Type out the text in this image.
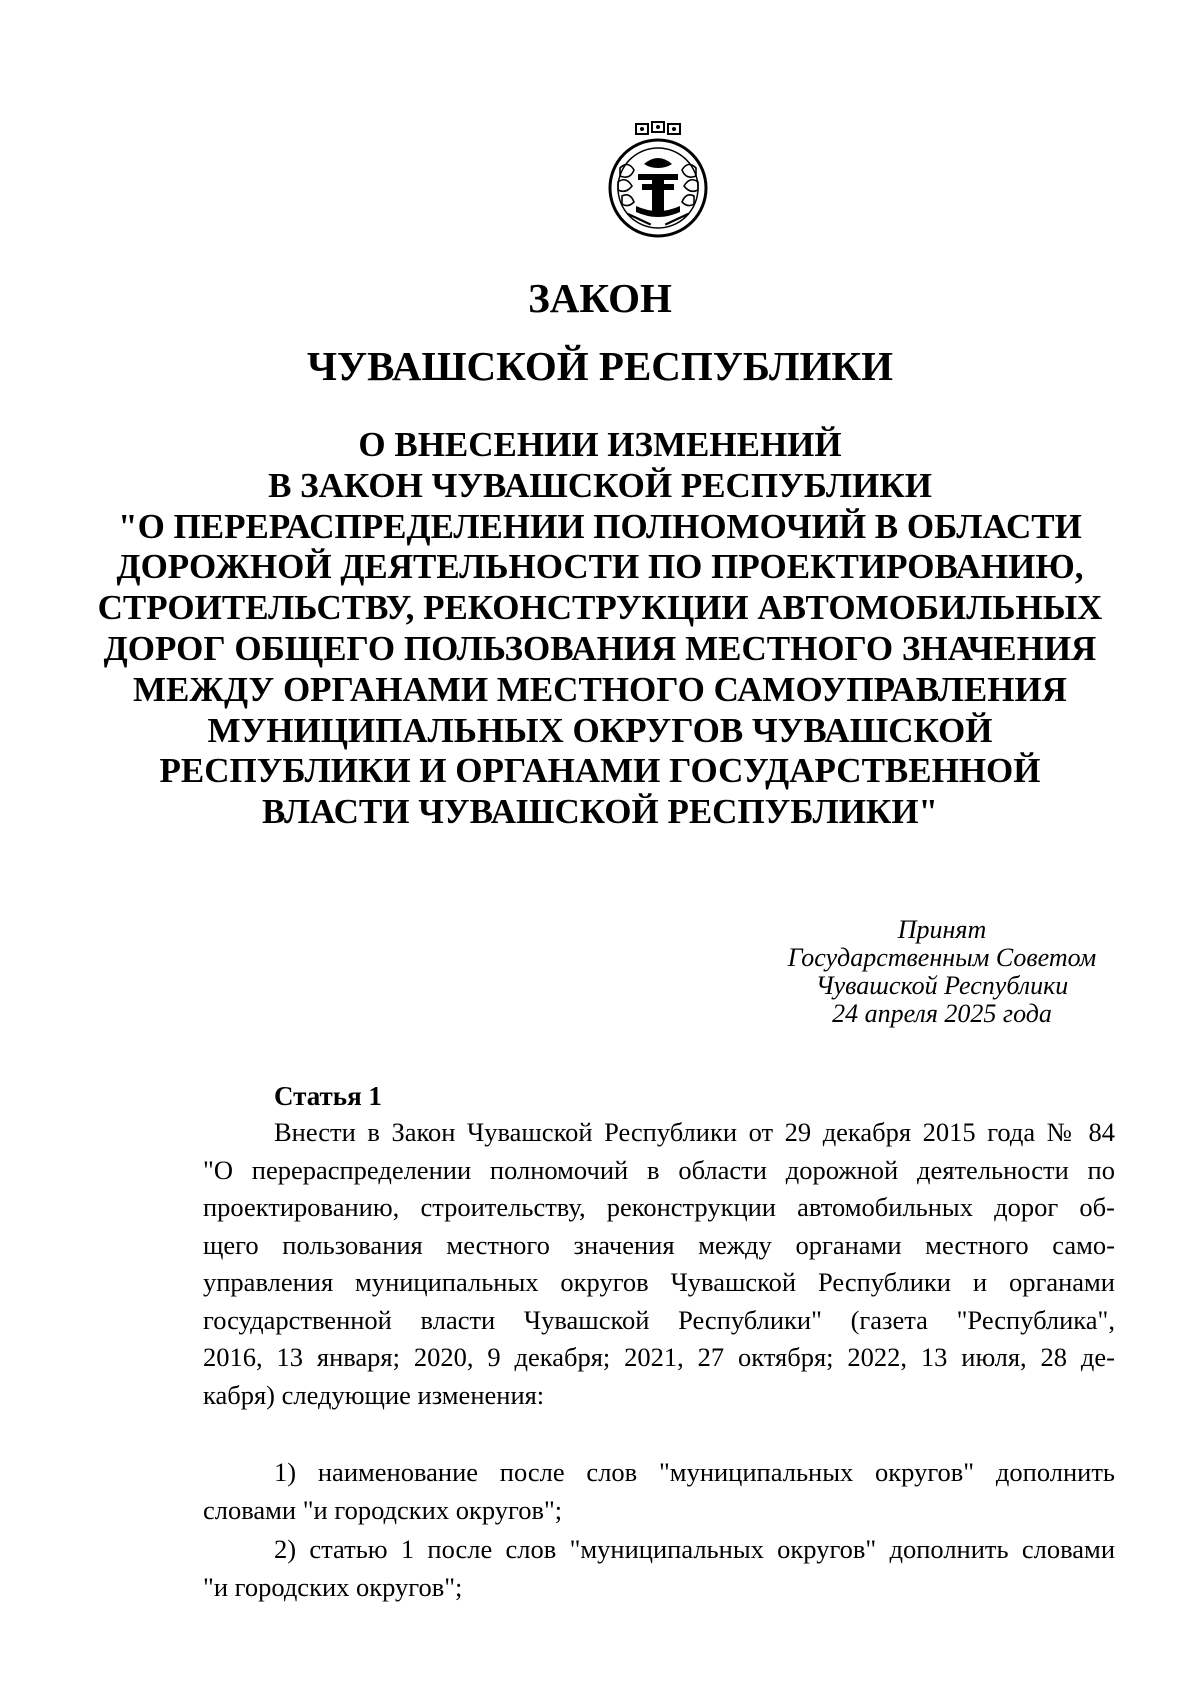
ЗАКОН
ЧУВАШСКОЙ РЕСПУБЛИКИ
О ВНЕСЕНИИ ИЗМЕНЕНИЙ
В ЗАКОН ЧУВАШСКОЙ РЕСПУБЛИКИ
"О ПЕРЕРАСПРЕДЕЛЕНИИ ПОЛНОМОЧИЙ В ОБЛАСТИ
ДОРОЖНОЙ ДЕЯТЕЛЬНОСТИ ПО ПРОЕКТИРОВАНИЮ,
СТРОИТЕЛЬСТВУ, РЕКОНСТРУКЦИИ АВТОМОБИЛЬНЫХ
ДОРОГ ОБЩЕГО ПОЛЬЗОВАНИЯ МЕСТНОГО ЗНАЧЕНИЯ
МЕЖДУ ОРГАНАМИ МЕСТНОГО САМОУПРАВЛЕНИЯ
МУНИЦИПАЛЬНЫХ ОКРУГОВ ЧУВАШСКОЙ
РЕСПУБЛИКИ И ОРГАНАМИ ГОСУДАРСТВЕННОЙ
ВЛАСТИ ЧУВАШСКОЙ РЕСПУБЛИКИ"
Принят
Государственным Советом
Чувашской Республики
24 апреля 2025 года
Статья 1
Внести в Закон Чувашской Республики от 29 декабря 2015 года № 84
"О перераспределении полномочий в области дорожной деятельности по
проектированию, строительству, реконструкции автомобильных дорог об-
щего пользования местного значения между органами местного само-
управления муниципальных округов Чувашской Республики и органами
государственной власти Чувашской Республики" (газета "Республика",
2016, 13 января; 2020, 9 декабря; 2021, 27 октября; 2022, 13 июля, 28 де-
кабря) следующие изменения:
1) наименование после слов "муниципальных округов" дополнить
словами "и городских округов";
2) статью 1 после слов "муниципальных округов" дополнить словами
"и городских округов";
